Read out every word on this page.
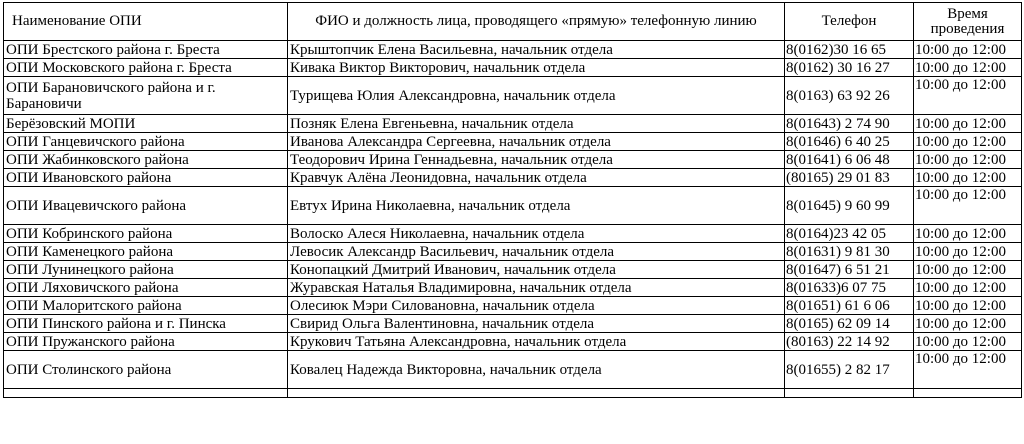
Наименование ОПИ	ФИО и должность лица, проводящего «прямую» телефонную линию	Телефон	Время проведения
ОПИ Брестского района г. Бреста	Крыштопчик Елена Васильевна, начальник отдела	8(0162)30 16 65	10:00 до 12:00
ОПИ Московского района г. Бреста	Кивака Виктор Викторович, начальник отдела	8(0162) 30 16 27	10:00 до 12:00
ОПИ Барановичского района и г. Барановичи	Турищева Юлия Александровна, начальник отдела	8(0163) 63 92 26	10:00 до 12:00
Берёзовский МОПИ	Позняк Елена Евгеньевна, начальник отдела	8(01643) 2 74 90	10:00 до 12:00
ОПИ Ганцевичского района	Иванова Александра Сергеевна, начальник отдела	8(01646) 6 40 25	10:00 до 12:00
ОПИ Жабинковского района	Теодорович Ирина Геннадьевна, начальник отдела	8(01641) 6 06 48	10:00 до 12:00
ОПИ Ивановского района	Кравчук Алёна Леонидовна, начальник отдела	(80165) 29 01 83	10:00 до 12:00
ОПИ Ивацевичского района	Евтух Ирина Николаевна, начальник отдела	8(01645) 9 60 99	10:00 до 12:00
ОПИ Кобринского района	Волоско Алеся Николаевна, начальник отдела	8(0164)23 42 05	10:00 до 12:00
ОПИ Каменецкого района	Левосик Александр Васильевич, начальник отдела	8(01631) 9 81 30	10:00 до 12:00
ОПИ Лунинецкого района	Конопацкий Дмитрий Иванович, начальник отдела	8(01647) 6 51 21	10:00 до 12:00
ОПИ Ляховичского района	Журавская Наталья Владимировна, начальник отдела	8(01633)6 07 75	10:00 до 12:00
ОПИ Малоритского района	Олесиюк Мэри Силовановна, начальник отдела	8(01651) 61 6 06	10:00 до 12:00
ОПИ Пинского района и г. Пинска	Свирид Ольга Валентиновна, начальник отдела	8(0165) 62 09 14	10:00 до 12:00
ОПИ Пружанского района	Крукович Татьяна Александровна, начальник отдела	(80163) 22 14 92	10:00 до 12:00
ОПИ Столинского района	Ковалец Надежда Викторовна, начальник отдела	8(01655) 2 82 17	10:00 до 12:00
